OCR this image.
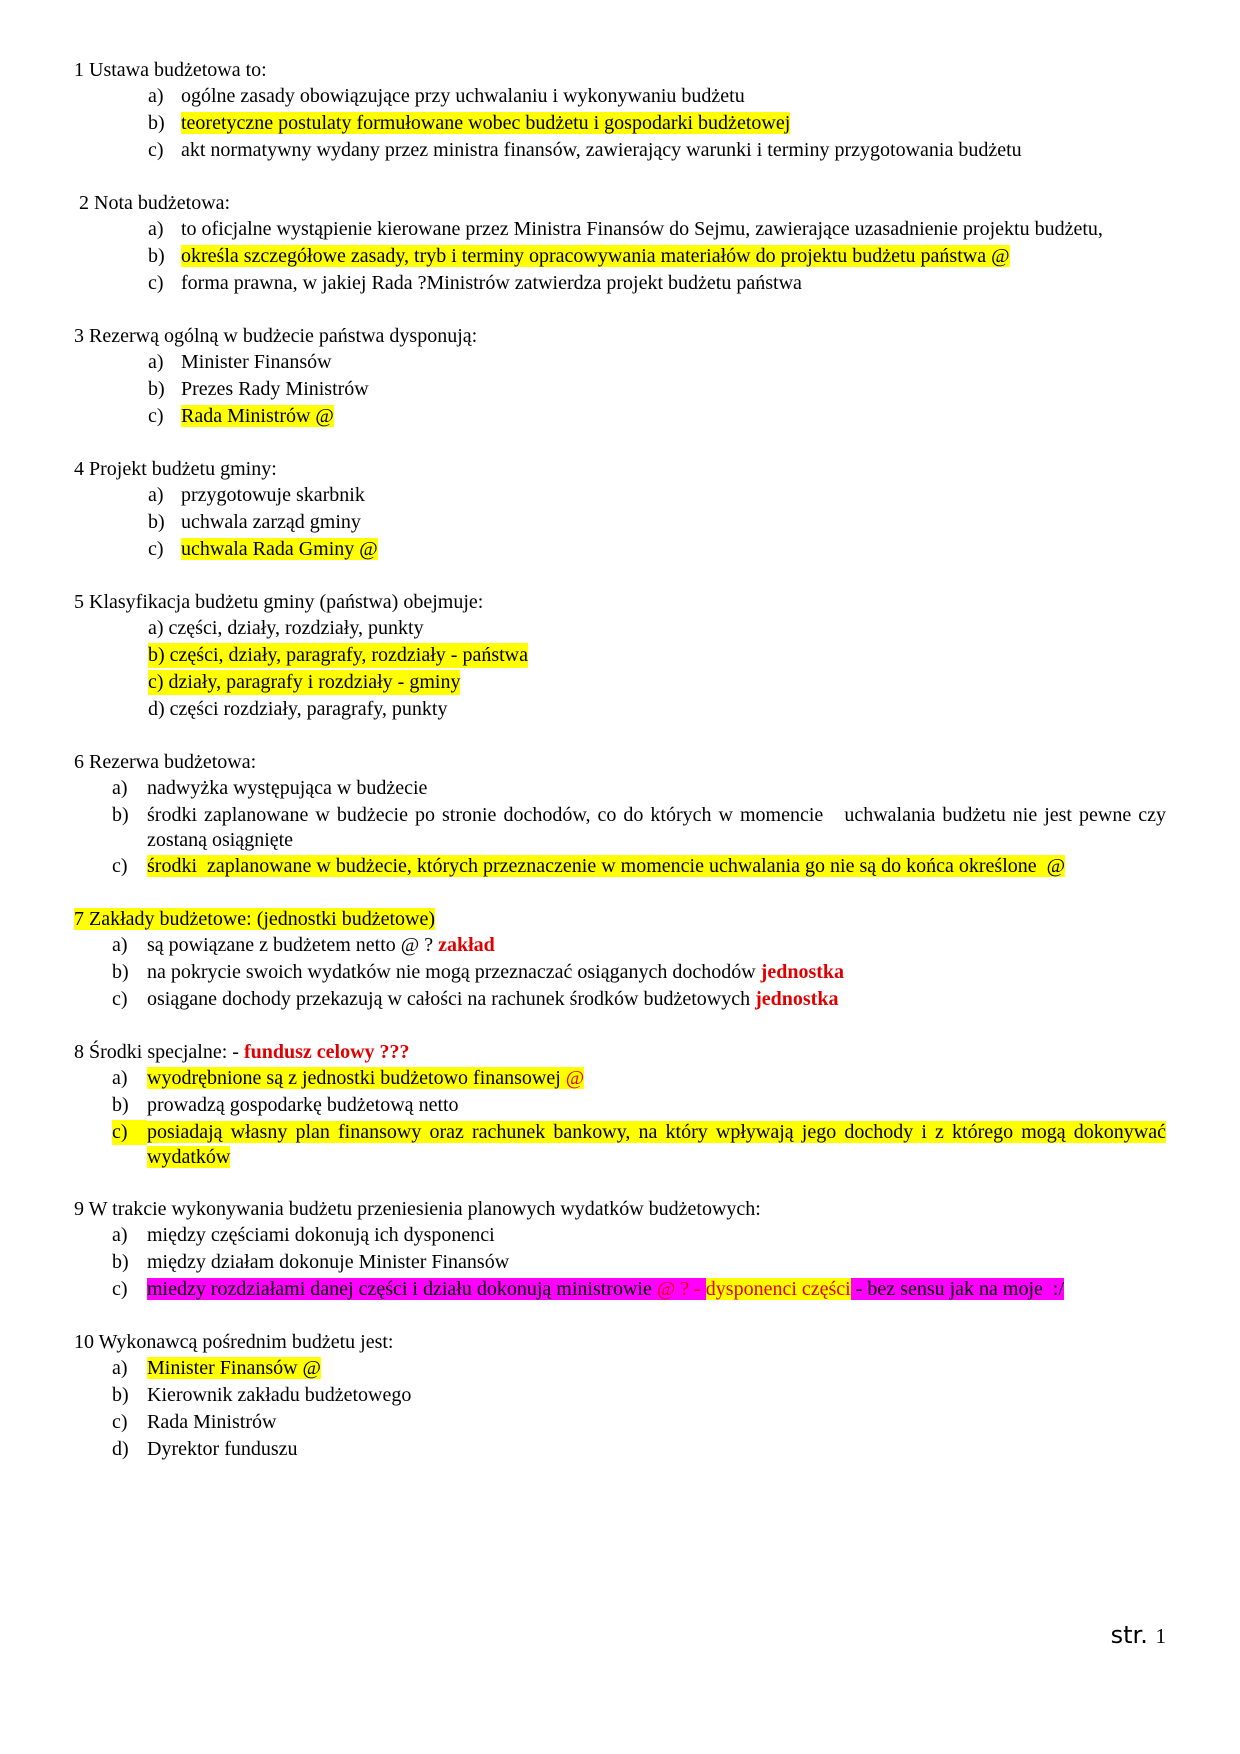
1 Ustawa budżetowa to:
a) ogólne zasady obowiązujące przy uchwalaniu i wykonywaniu budżetu
b) teoretyczne postulaty formułowane wobec budżetu i gospodarki budżetowej
c) akt normatywny wydany przez ministra finansów, zawierający warunki i terminy przygotowania budżetu
2 Nota budżetowa:
a) to oficjalne wystąpienie kierowane przez Ministra Finansów do Sejmu, zawierające uzasadnienie projektu budżetu,
b) określa szczegółowe zasady, tryb i terminy opracowywania materiałów do projektu budżetu państwa @
c) forma prawna, w jakiej Rada ?Ministrów zatwierdza projekt budżetu państwa
3 Rezerwą ogólną w budżecie państwa dysponują:
a) Minister Finansów
b) Prezes Rady Ministrów
c) Rada Ministrów @
4 Projekt budżetu gminy:
a) przygotowuje skarbnik
b) uchwala zarząd gminy
c) uchwala Rada Gminy @
5 Klasyfikacja budżetu gminy (państwa) obejmuje:
a) części, działy, rozdziały, punkty
b) części, działy, paragrafy, rozdziały - państwa
c) działy, paragrafy i rozdziały - gminy
d) części rozdziały, paragrafy, punkty
6 Rezerwa budżetowa:
a) nadwyżka występująca w budżecie
b) środki zaplanowane w budżecie po stronie dochodów, co do których w momencie   uchwalania budżetu nie jest pewne czy zostaną osiągnięte
c) środki  zaplanowane w budżecie, których przeznaczenie w momencie uchwalania go nie są do końca określone  @
7 Zakłady budżetowe: (jednostki budżetowe)
a) są powiązane z budżetem netto @ ? zakład
b) na pokrycie swoich wydatków nie mogą przeznaczać osiąganych dochodów jednostka
c) osiągane dochody przekazują w całości na rachunek środków budżetowych jednostka
8 Środki specjalne: - fundusz celowy ???
a) wyodrębnione są z jednostki budżetowo finansowej @
b) prowadzą gospodarkę budżetową netto
c) posiadają własny plan finansowy oraz rachunek bankowy, na który wpływają jego dochody i z którego mogą dokonywać wydatków
9 W trakcie wykonywania budżetu przeniesienia planowych wydatków budżetowych:
a) między częściami dokonują ich dysponenci
b) między działam dokonuje Minister Finansów
c) miedzy rozdziałami danej części i działu dokonują ministrowie @ ? - dysponenci części - bez sensu jak na moje  :/
10 Wykonawcą pośrednim budżetu jest:
a) Minister Finansów @
b) Kierownik zakładu budżetowego
c) Rada Ministrów
d) Dyrektor funduszu
str. 1
